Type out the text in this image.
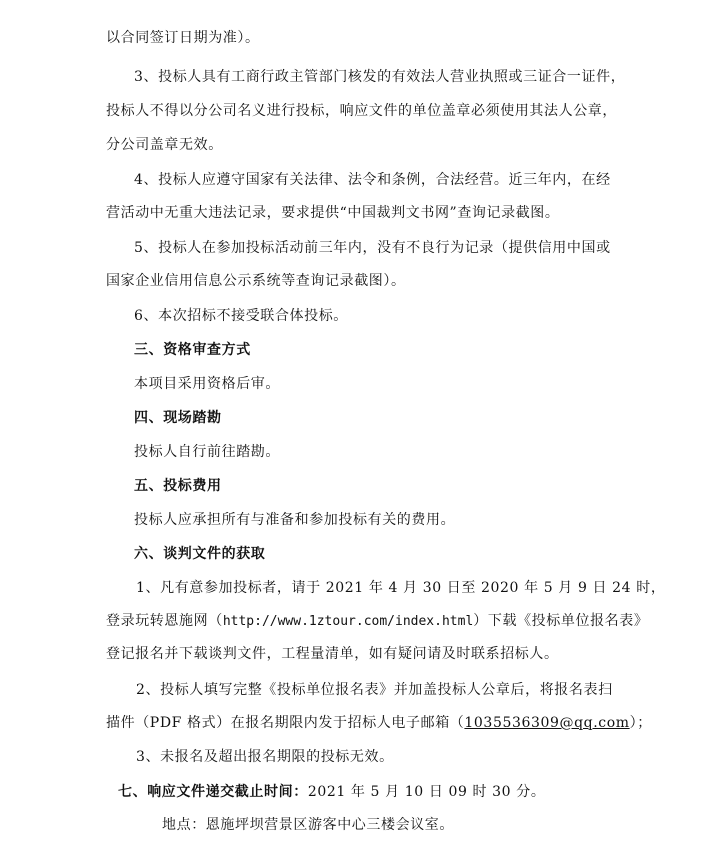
以合同签订日期为准）。
3、投标人具有工商行政主管部门核发的有效法人营业执照或三证合一证件，
投标人不得以分公司名义进行投标，响应文件的单位盖章必须使用其法人公章，
分公司盖章无效。
4、投标人应遵守国家有关法律、法令和条例，合法经营。近三年内，在经
营活动中无重大违法记录，要求提供“中国裁判文书网”查询记录截图。
5、投标人在参加投标活动前三年内，没有不良行为记录（提供信用中国或
国家企业信用信息公示系统等查询记录截图）。
6、本次招标不接受联合体投标。
三、资格审查方式
本项目采用资格后审。
四、现场踏勘
投标人自行前往踏勘。
五、投标费用
投标人应承担所有与准备和参加投标有关的费用。
六、谈判文件的获取
1、凡有意参加投标者，请于 2021 年 4 月 30 日至 2020 年 5 月 9 日 24 时，
登录玩转恩施网（http://www.1ztour.com/index.html）下载《投标单位报名表》
登记报名并下载谈判文件，工程量清单，如有疑问请及时联系招标人。
2、投标人填写完整《投标单位报名表》并加盖投标人公章后，将报名表扫
描件（PDF 格式）在报名期限内发于招标人电子邮箱（1035536309@qq.com）；
3、未报名及超出报名期限的投标无效。
七、响应文件递交截止时间：2021 年 5 月 10 日 09 时 30 分。
地点：恩施坪坝营景区游客中心三楼会议室。
